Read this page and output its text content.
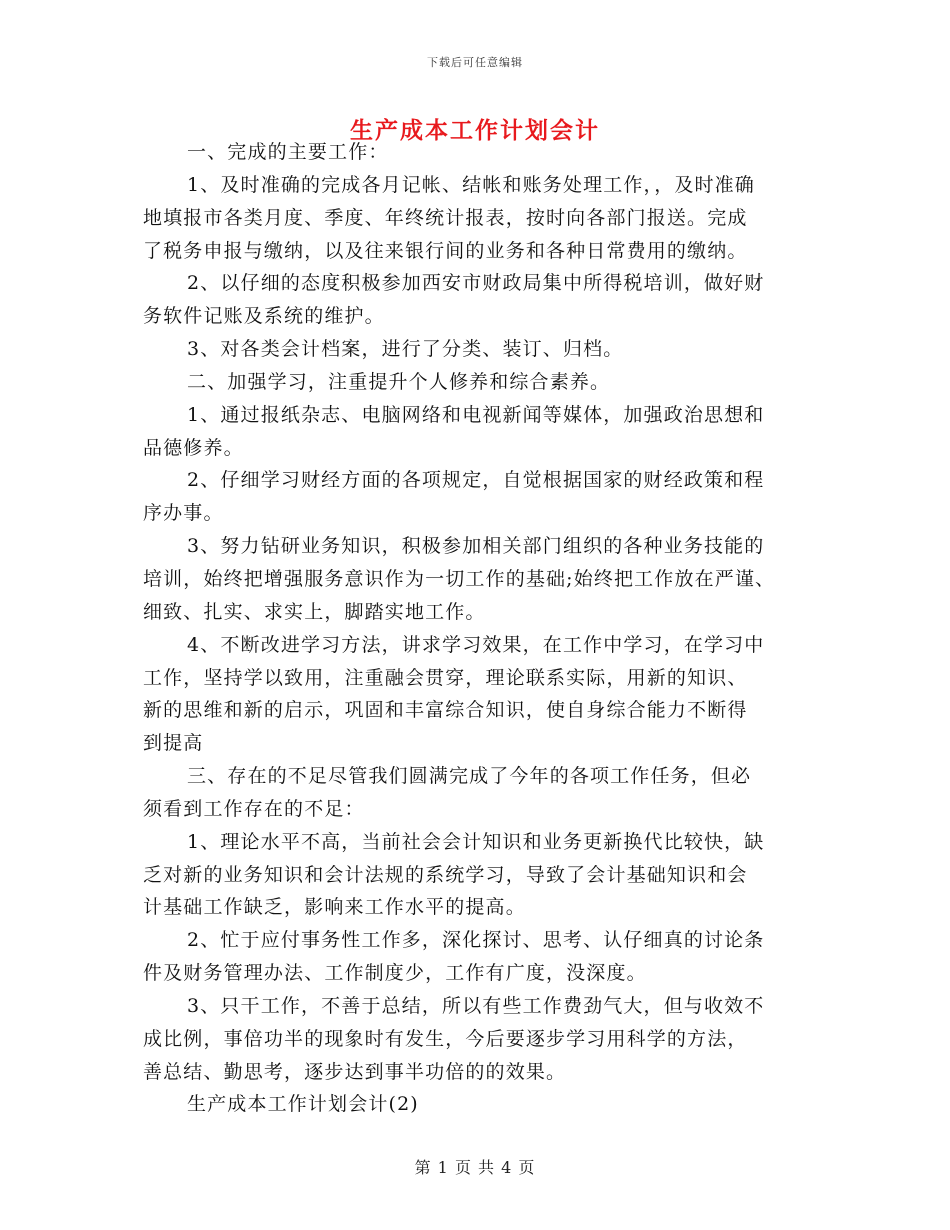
下载后可任意编辑
生产成本工作计划会计
一、完成的主要工作：
1、及时准确的完成各月记帐、结帐和账务处理工作，，及时准确
地填报市各类月度、季度、年终统计报表，按时向各部门报送。完成
了税务申报与缴纳，以及往来银行间的业务和各种日常费用的缴纳。
2、以仔细的态度积极参加西安市财政局集中所得税培训，做好财
务软件记账及系统的维护。
3、对各类会计档案，进行了分类、装订、归档。
二、加强学习，注重提升个人修养和综合素养。
1、通过报纸杂志、电脑网络和电视新闻等媒体，加强政治思想和
品德修养。
2、仔细学习财经方面的各项规定，自觉根据国家的财经政策和程
序办事。
3、努力钻研业务知识，积极参加相关部门组织的各种业务技能的
培训，始终把增强服务意识作为一切工作的基础;始终把工作放在严谨、
细致、扎实、求实上，脚踏实地工作。
4、不断改进学习方法，讲求学习效果，在工作中学习，在学习中
工作，坚持学以致用，注重融会贯穿，理论联系实际，用新的知识、
新的思维和新的启示，巩固和丰富综合知识，使自身综合能力不断得
到提高
三、存在的不足尽管我们圆满完成了今年的各项工作任务，但必
须看到工作存在的不足：
1、理论水平不高，当前社会会计知识和业务更新换代比较快，缺
乏对新的业务知识和会计法规的系统学习，导致了会计基础知识和会
计基础工作缺乏，影响来工作水平的提高。
2、忙于应付事务性工作多，深化探讨、思考、认仔细真的讨论条
件及财务管理办法、工作制度少，工作有广度，没深度。
3、只干工作，不善于总结，所以有些工作费劲气大，但与收效不
成比例，事倍功半的现象时有发生，今后要逐步学习用科学的方法，
善总结、勤思考，逐步达到事半功倍的的效果。
生产成本工作计划会计(2)
第 1 页 共 4 页
